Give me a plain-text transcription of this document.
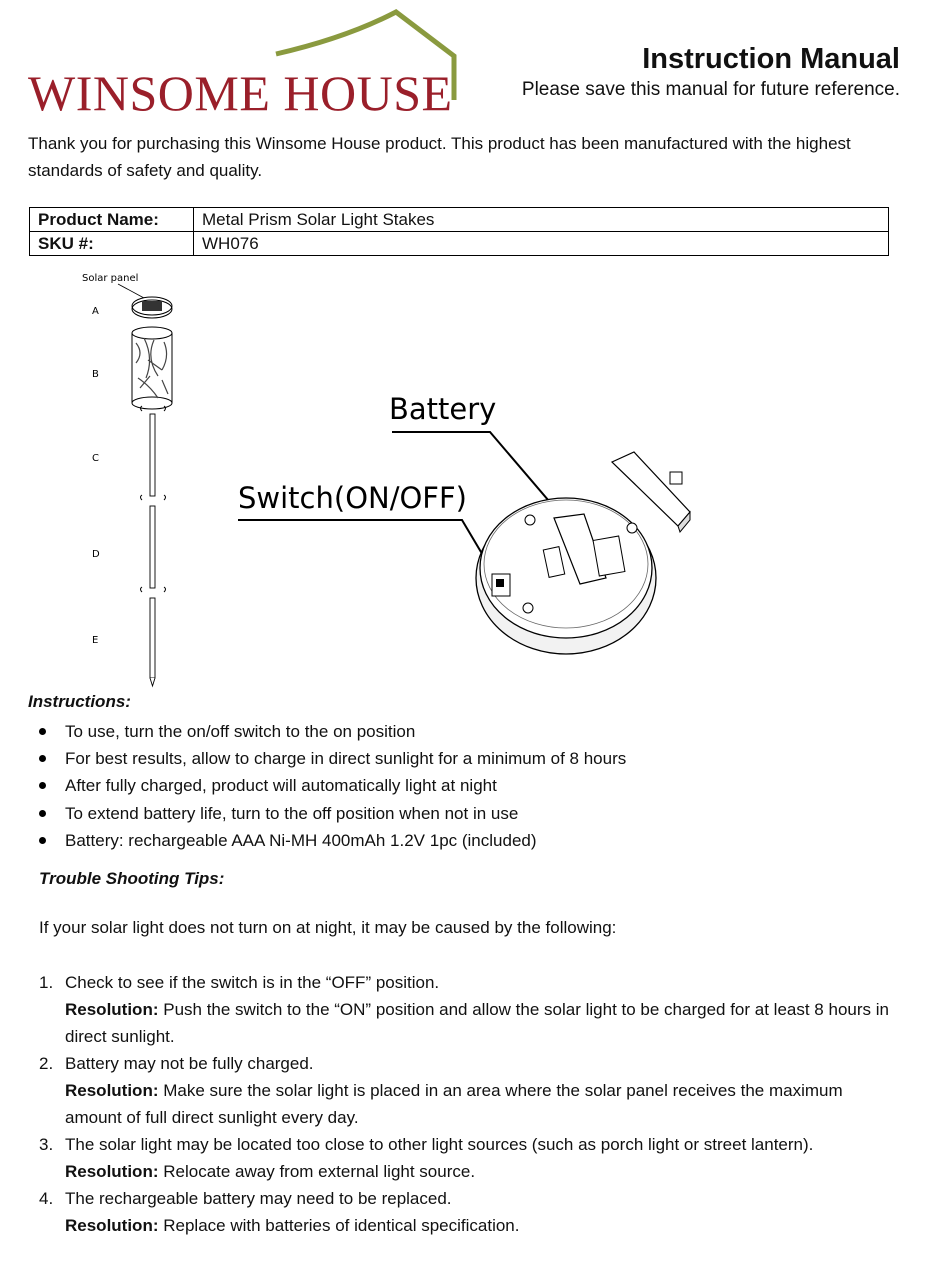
WINSOME HOUSE

Instruction Manual

Please save this manual for future reference.

Thank you for purchasing this Winsome House product. This product has been manufactured with the highest standards of safety and quality.

Product Name:	Metal Prism Solar Light Stakes
SKU #:	WH076
Solar panel
A
B
C
D
E
Battery
Switch(ON/OFF)

Instructions:

To use, turn the on/off switch to the on position
For best results, allow to charge in direct sunlight for a minimum of 8 hours
After fully charged, product will automatically light at night
To extend battery life, turn to the off position when not in use
Battery: rechargeable AAA Ni-MH 400mAh 1.2V 1pc (included)

Trouble Shooting Tips:

If your solar light does not turn on at night, it may be caused by the following:

1. Check to see if the switch is in the “OFF” position.
Resolution: Push the switch to the “ON” position and allow the solar light to be charged for at least 8 hours in direct sunlight.
2. Battery may not be fully charged.
Resolution: Make sure the solar light is placed in an area where the solar panel receives the maximum amount of full direct sunlight every day.
3. The solar light may be located too close to other light sources (such as porch light or street lantern).
Resolution: Relocate away from external light source.
4. The rechargeable battery may need to be replaced.
Resolution: Replace with batteries of identical specification.
